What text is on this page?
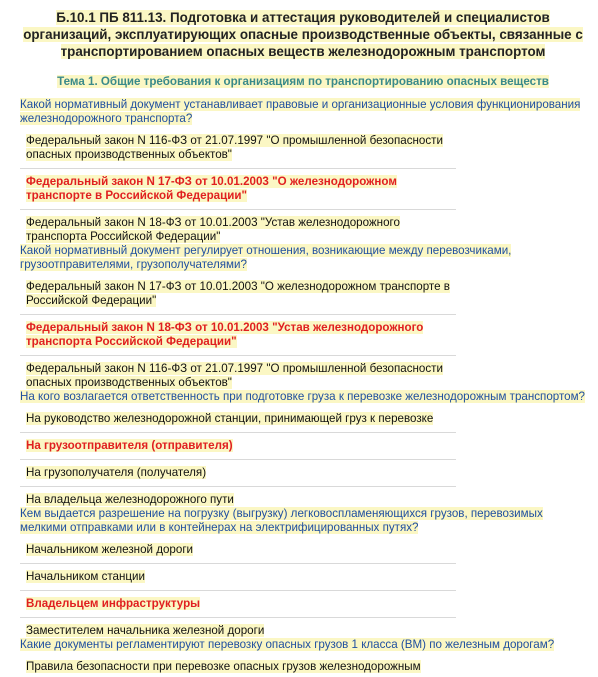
Б.10.1 ПБ 811.13. Подготовка и аттестация руководителей и специалистов организаций, эксплуатирующих опасные производственные объекты, связанные с транспортированием опасных веществ железнодорожным транспортом
Тема 1. Общие требования к организациям по транспортированию опасных веществ
Какой нормативный документ устанавливает правовые и организационные условия функционирования железнодорожного транспорта?
Федеральный закон N 116-ФЗ от 21.07.1997 "О промышленной безопасности опасных производственных объектов"
Федеральный закон N 17-ФЗ от 10.01.2003 "О железнодорожном транспорте в Российской Федерации"
Федеральный закон N 18-ФЗ от 10.01.2003 "Устав железнодорожного транспорта Российской Федерации"
Какой нормативный документ регулирует отношения, возникающие между перевозчиками, грузоотправителями, грузополучателями?
Федеральный закон N 17-ФЗ от 10.01.2003 "О железнодорожном транспорте в Российской Федерации"
Федеральный закон N 18-ФЗ от 10.01.2003 "Устав железнодорожного транспорта Российской Федерации"
Федеральный закон N 116-ФЗ от 21.07.1997 "О промышленной безопасности опасных производственных объектов"
На кого возлагается ответственность при подготовке груза к перевозке железнодорожным транспортом?
На руководство железнодорожной станции, принимающей груз к перевозке
На грузоотправителя (отправителя)
На грузополучателя (получателя)
На владельца железнодорожного пути
Кем выдается разрешение на погрузку (выгрузку) легковоспламеняющихся грузов, перевозимых мелкими отправками или в контейнерах на электрифицированных путях?
Начальником железной дороги
Начальником станции
Владельцем инфраструктуры
Заместителем начальника железной дороги
Какие документы регламентируют перевозку опасных грузов 1 класса (ВМ) по железным дорогам?
Правила безопасности при перевозке опасных грузов железнодорожным
